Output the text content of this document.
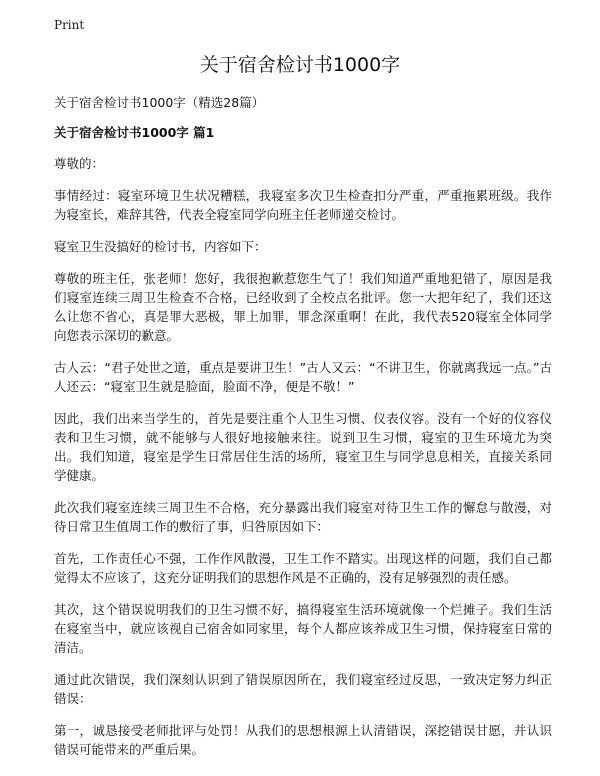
Print
关于宿舍检讨书1000字
关于宿舍检讨书1000字（精选28篇）
关于宿舍检讨书1000字 篇1

尊敬的：

事情经过：寝室环境卫生状况糟糕，我寝室多次卫生检查扣分严重，严重拖累班级。我作为寝室长，难辞其咎，代表全寝室同学向班主任老师递交检讨。

寝室卫生没搞好的检讨书，内容如下：

尊敬的班主任，张老师！您好，我很抱歉惹您生气了！我们知道严重地犯错了，原因是我们寝室连续三周卫生检查不合格，已经收到了全校点名批评。您一大把年纪了，我们还这么让您不省心，真是罪大恶极，罪上加罪，罪念深重啊！在此，我代表520寝室全体同学向您表示深切的歉意。

古人云：“君子处世之道，重点是要讲卫生！”古人又云：“不讲卫生，你就离我远一点。”古人还云：“寝室卫生就是脸面，脸面不净，便是不敬！”

因此，我们出来当学生的，首先是要注重个人卫生习惯、仪表仪容。没有一个好的仪容仪表和卫生习惯，就不能够与人很好地接触来往。说到卫生习惯，寝室的卫生环境尤为突出。我们知道，寝室是学生日常居住生活的场所，寝室卫生与同学息息相关，直接关系同学健康。

此次我们寝室连续三周卫生不合格，充分暴露出我们寝室对待卫生工作的懈怠与散漫，对待日常卫生值周工作的敷衍了事，归咎原因如下：

首先，工作责任心不强，工作作风散漫，卫生工作不踏实。出现这样的问题，我们自己都觉得太不应该了，这充分证明我们的思想作风是不正确的，没有足够强烈的责任感。

其次，这个错误说明我们的卫生习惯不好，搞得寝室生活环境就像一个烂摊子。我们生活在寝室当中，就应该视自己宿舍如同家里，每个人都应该养成卫生习惯，保持寝室日常的清洁。

通过此次错误，我们深刻认识到了错误原因所在，我们寝室经过反思，一致决定努力纠正错误：

第一，诚恳接受老师批评与处罚！从我们的思想根源上认清错误，深挖错误甘愿，并认识错误可能带来的严重后果。
